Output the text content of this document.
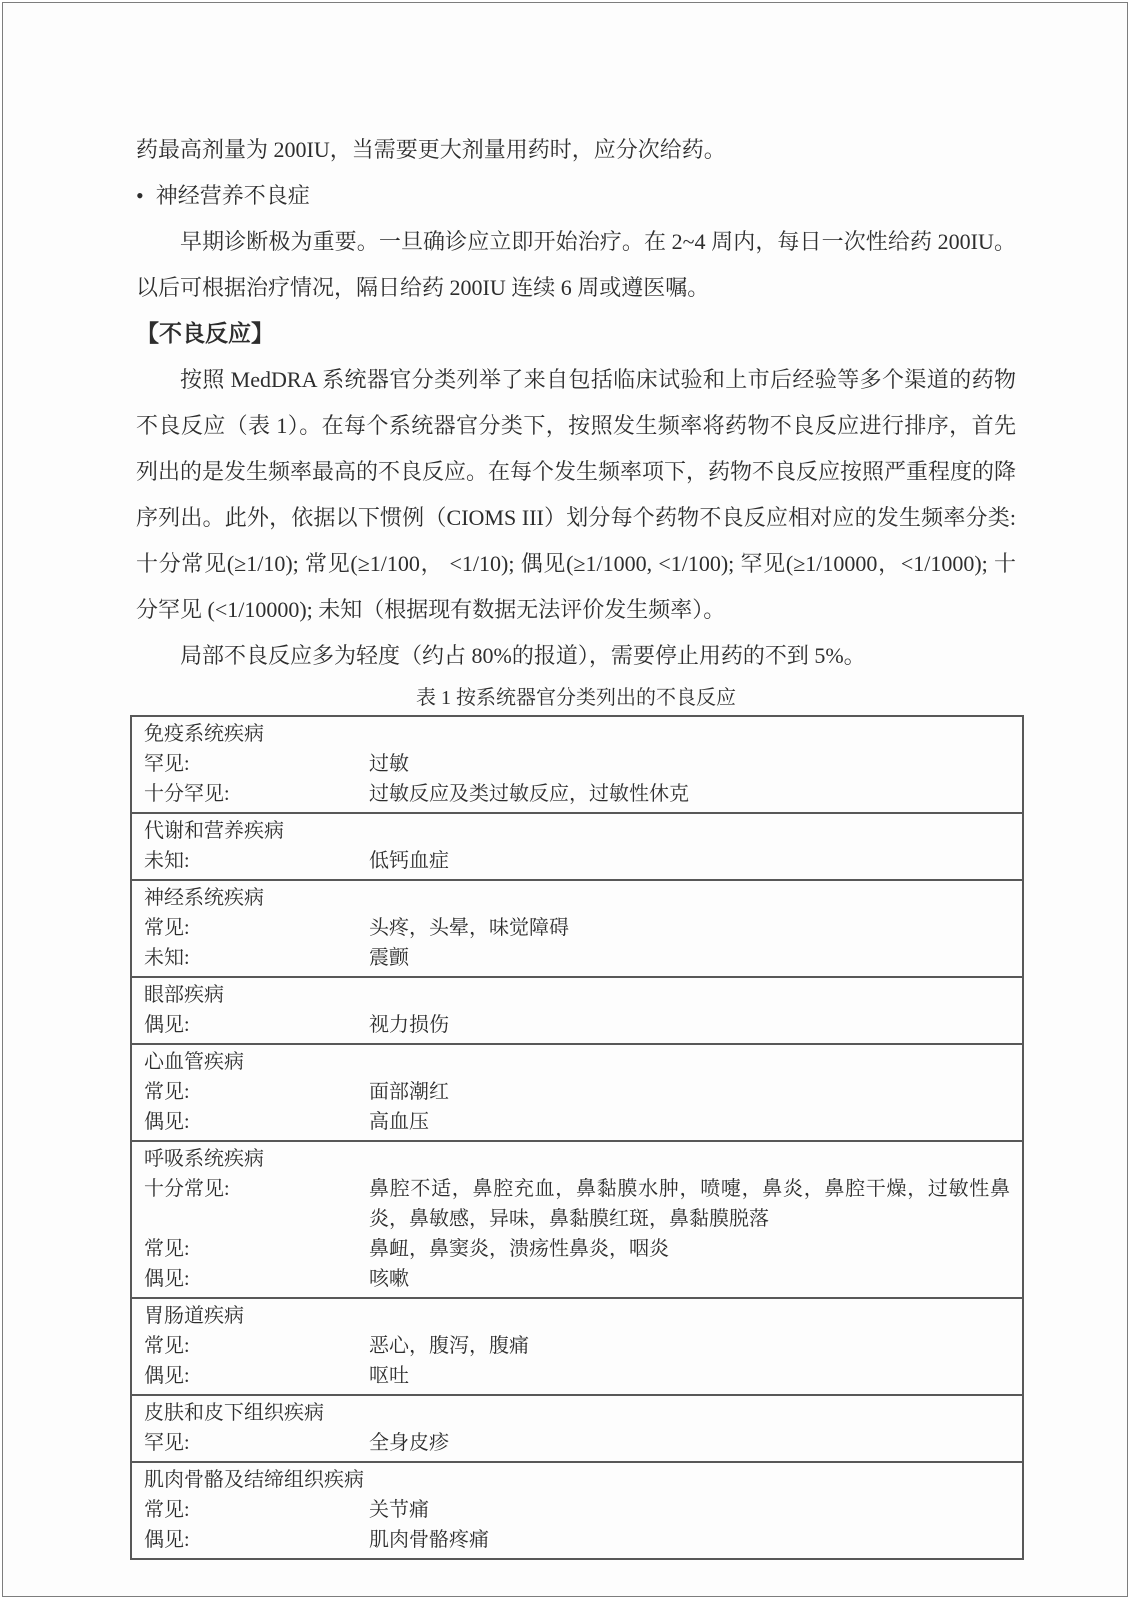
药最高剂量为 200IU，当需要更大剂量用药时，应分次给药。

• 神经营养不良症

早期诊断极为重要。一旦确诊应立即开始治疗。在 2~4 周内，每日一次性给药 200IU。以后可根据治疗情况，隔日给药 200IU 连续 6 周或遵医嘱。

【不良反应】

按照 MedDRA 系统器官分类列举了来自包括临床试验和上市后经验等多个渠道的药物不良反应（表 1）。在每个系统器官分类下，按照发生频率将药物不良反应进行排序，首先列出的是发生频率最高的不良反应。在每个发生频率项下，药物不良反应按照严重程度的降序列出。此外，依据以下惯例（CIOMS III）划分每个药物不良反应相对应的发生频率分类: 十分常见(≥1/10); 常见(≥1/100， <1/10); 偶见(≥1/1000, <1/100); 罕见(≥1/10000，<1/1000); 十分罕见 (<1/10000); 未知（根据现有数据无法评价发生频率）。

局部不良反应多为轻度（约占 80%的报道），需要停止用药的不到 5%。

表 1 按系统器官分类列出的不良反应
免疫系统疾病
罕见:	过敏
十分罕见:	过敏反应及类过敏反应，过敏性休克
代谢和营养疾病
未知:	低钙血症
神经系统疾病
常见:	头疼，头晕，味觉障碍
未知:	震颤
眼部疾病
偶见:	视力损伤
心血管疾病
常见:	面部潮红
偶见:	高血压
呼吸系统疾病
十分常见:	鼻腔不适，鼻腔充血，鼻黏膜水肿，喷嚏，鼻炎，鼻腔干燥，过敏性鼻炎，鼻敏感，异味，鼻黏膜红斑，鼻黏膜脱落
常见:	鼻衄，鼻窦炎，溃疡性鼻炎，咽炎
偶见:	咳嗽
胃肠道疾病
常见:	恶心，腹泻，腹痛
偶见:	呕吐
皮肤和皮下组织疾病
罕见:	全身皮疹
肌肉骨骼及结缔组织疾病
常见:	关节痛
偶见:	肌肉骨骼疼痛
